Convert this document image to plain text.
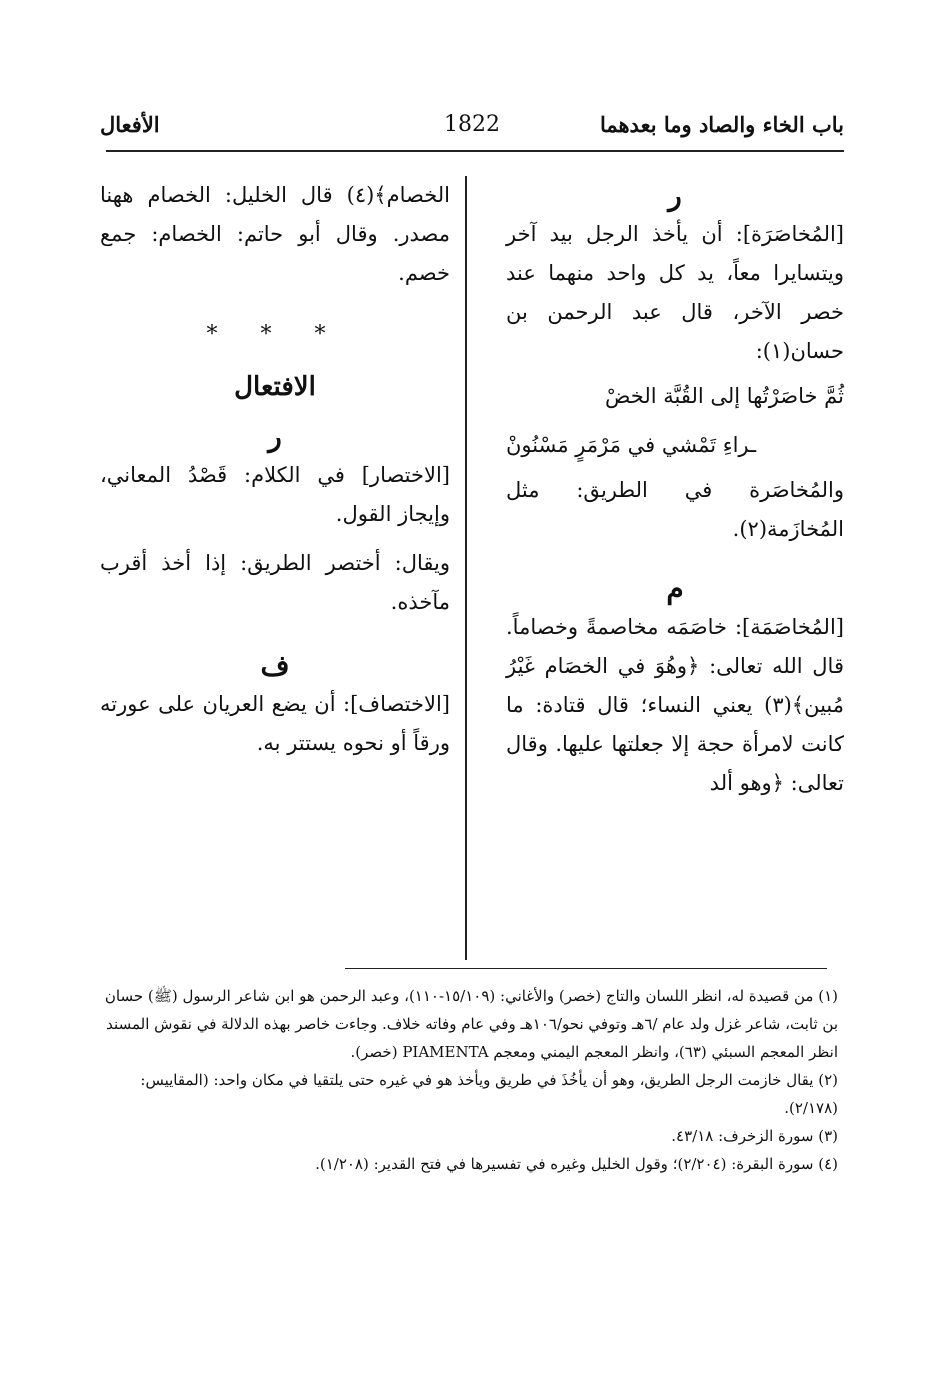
باب الخاء والصاد وما بعدهما
1822
الأفعال

ر

[المُخاصَرَة]: أن يأخذ الرجل بيد آخر ويتسايرا معاً، يد كل واحد منهما عند خصر الآخر، قال عبد الرحمن بن حسان(١):

ثُمَّ خاصَرْتُها إلى القُبَّة الخضْ

ـراءِ تَمْشي في مَرْمَرٍ مَسْنُونْ

والمُخاصَرة في الطريق: مثل المُخازَمة(٢).

م

[المُخاصَمَة]: خاصَمَه مخاصمةً وخصاماً. قال الله تعالى: ﴿وهُوَ في الخصَام غَيْرُ مُبين﴾(٣) يعني النساء؛ قال قتادة: ما كانت لامرأة حجة إلا جعلتها عليها. وقال تعالى: ﴿وهو ألد

الخصام﴾(٤) قال الخليل: الخصام ههنا مصدر. وقال أبو حاتم: الخصام: جمع خصم.

* * *

الافتعال

ر

[الاختصار] في الكلام: قَصْدُ المعاني، وإيجاز القول.

ويقال: أختصر الطريق: إذا أخذ أقرب مآخذه.

ف

[الاختصاف]: أن يضع العريان على عورته ورقاً أو نحوه يستتر به.

(١) من قصيدة له، انظر اللسان والتاج (خصر) والأغاني: (١٥/١٠٩-١١٠)، وعبد الرحمن هو ابن شاعر الرسول (ﷺ) حسان بن ثابت، شاعر غزل ولد عام /٦هـ وتوفي نحو/١٠٦هـ وفي عام وفاته خلاف. وجاءت خاصر بهذه الدلالة في نقوش المسند انظر المعجم السبئي (٦٣)، وانظر المعجم اليمني ومعجم PIAMENTA (خصر).

(٢) يقال خازمت الرجل الطريق، وهو أن يأخُذَ في طريق ويأخذ هو في غيره حتى يلتقيا في مكان واحد: (المقاييس: (٢/١٧٨).

(٣) سورة الزخرف: ٤٣/١٨.

(٤) سورة البقرة: (٢/٢٠٤)؛ وقول الخليل وغيره في تفسيرها في فتح القدير: (١/٢٠٨).
